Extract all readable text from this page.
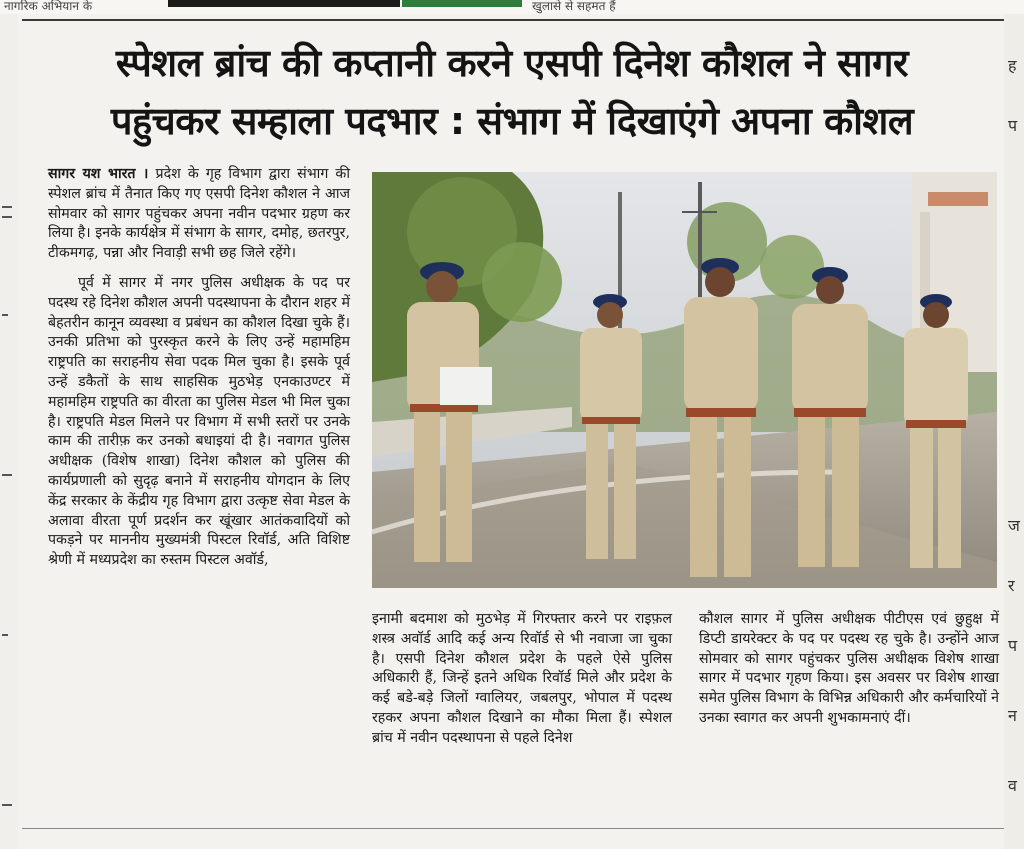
नागरिक अभियान के	खुलासे से सहमत हैं
ह
प
ज
र
प
न
व
स्पेशल ब्रांच की कप्तानी करने एसपी दिनेश कौशल ने सागर
पहुंचकर सम्हाला पदभार : संभाग में दिखाएंगे अपना कौशल

सागर यश भारत । प्रदेश के गृह विभाग द्वारा संभाग की स्पेशल ब्रांच में तैनात किए गए एसपी दिनेश कौशल ने आज सोमवार को सागर पहुंचकर अपना नवीन पदभार ग्रहण कर लिया है। इनके कार्यक्षेत्र में संभाग के सागर, दमोह, छतरपुर, टीकमगढ़, पन्ना और निवाड़ी सभी छह जिले रहेंगे।

पूर्व में सागर में नगर पुलिस अधीक्षक के पद पर पदस्थ रहे दिनेश कौशल अपनी पदस्थापना के दौरान शहर में बेहतरीन कानून व्यवस्था व प्रबंधन का कौशल दिखा चुके हैं। उनकी प्रतिभा को पुरस्कृत करने के लिए उन्हें महामहिम राष्ट्रपति का सराहनीय सेवा पदक मिल चुका है। इसके पूर्व उन्हें डकैतों के साथ साहसिक मुठभेड़ एनकाउण्टर में महामहिम राष्ट्रपति का वीरता का पुलिस मेडल भी मिल चुका है। राष्ट्रपति मेडल मिलने पर विभाग में सभी स्तरों पर उनके काम की तारीफ़ कर उनको बधाइयां दी है। नवागत पुलिस अधीक्षक (विशेष शाखा) दिनेश कौशल को पुलिस की कार्यप्रणाली को सुदृढ़ बनाने में सराहनीय योगदान के लिए केंद्र सरकार के केंद्रीय गृह विभाग द्वारा उत्कृष्ट सेवा मेडल के अलावा वीरता पूर्ण प्रदर्शन कर खूंखार आतंकवादियों को पकड़ने पर माननीय मुख्यमंत्री पिस्टल रिवॉर्ड, अति विशिष्ट श्रेणी में मध्यप्रदेश का रुस्तम पिस्टल अवॉर्ड,

इनामी बदमाश को मुठभेड़ में गिरफ्तार करने पर राइफ़ल शस्त्र अवॉर्ड आदि कई अन्य रिवॉर्ड से भी नवाजा जा चुका है। एसपी दिनेश कौशल प्रदेश के पहले ऐसे पुलिस अधिकारी हैं, जिन्हें इतने अधिक रिवॉर्ड मिले और प्रदेश के कई बडे-बड़े जिलों ग्वालियर, जबलपुर, भोपाल में पदस्थ रहकर अपना कौशल दिखाने का मौका मिला हैं। स्पेशल ब्रांच में नवीन पदस्थापना से पहले दिनेश

कौशल सागर में पुलिस अधीक्षक पीटीएस एवं छुहुक्ष में डिप्टी डायरेक्टर के पद पर पदस्थ रह चुके है। उन्होंने आज सोमवार को सागर पहुंचकर पुलिस अधीक्षक विशेष शाखा सागर में पदभार गृहण किया। इस अवसर पर विशेष शाखा समेत पुलिस विभाग के विभिन्न अधिकारी और कर्मचारियों ने उनका स्वागत कर अपनी शुभकामनाएं दीं।
